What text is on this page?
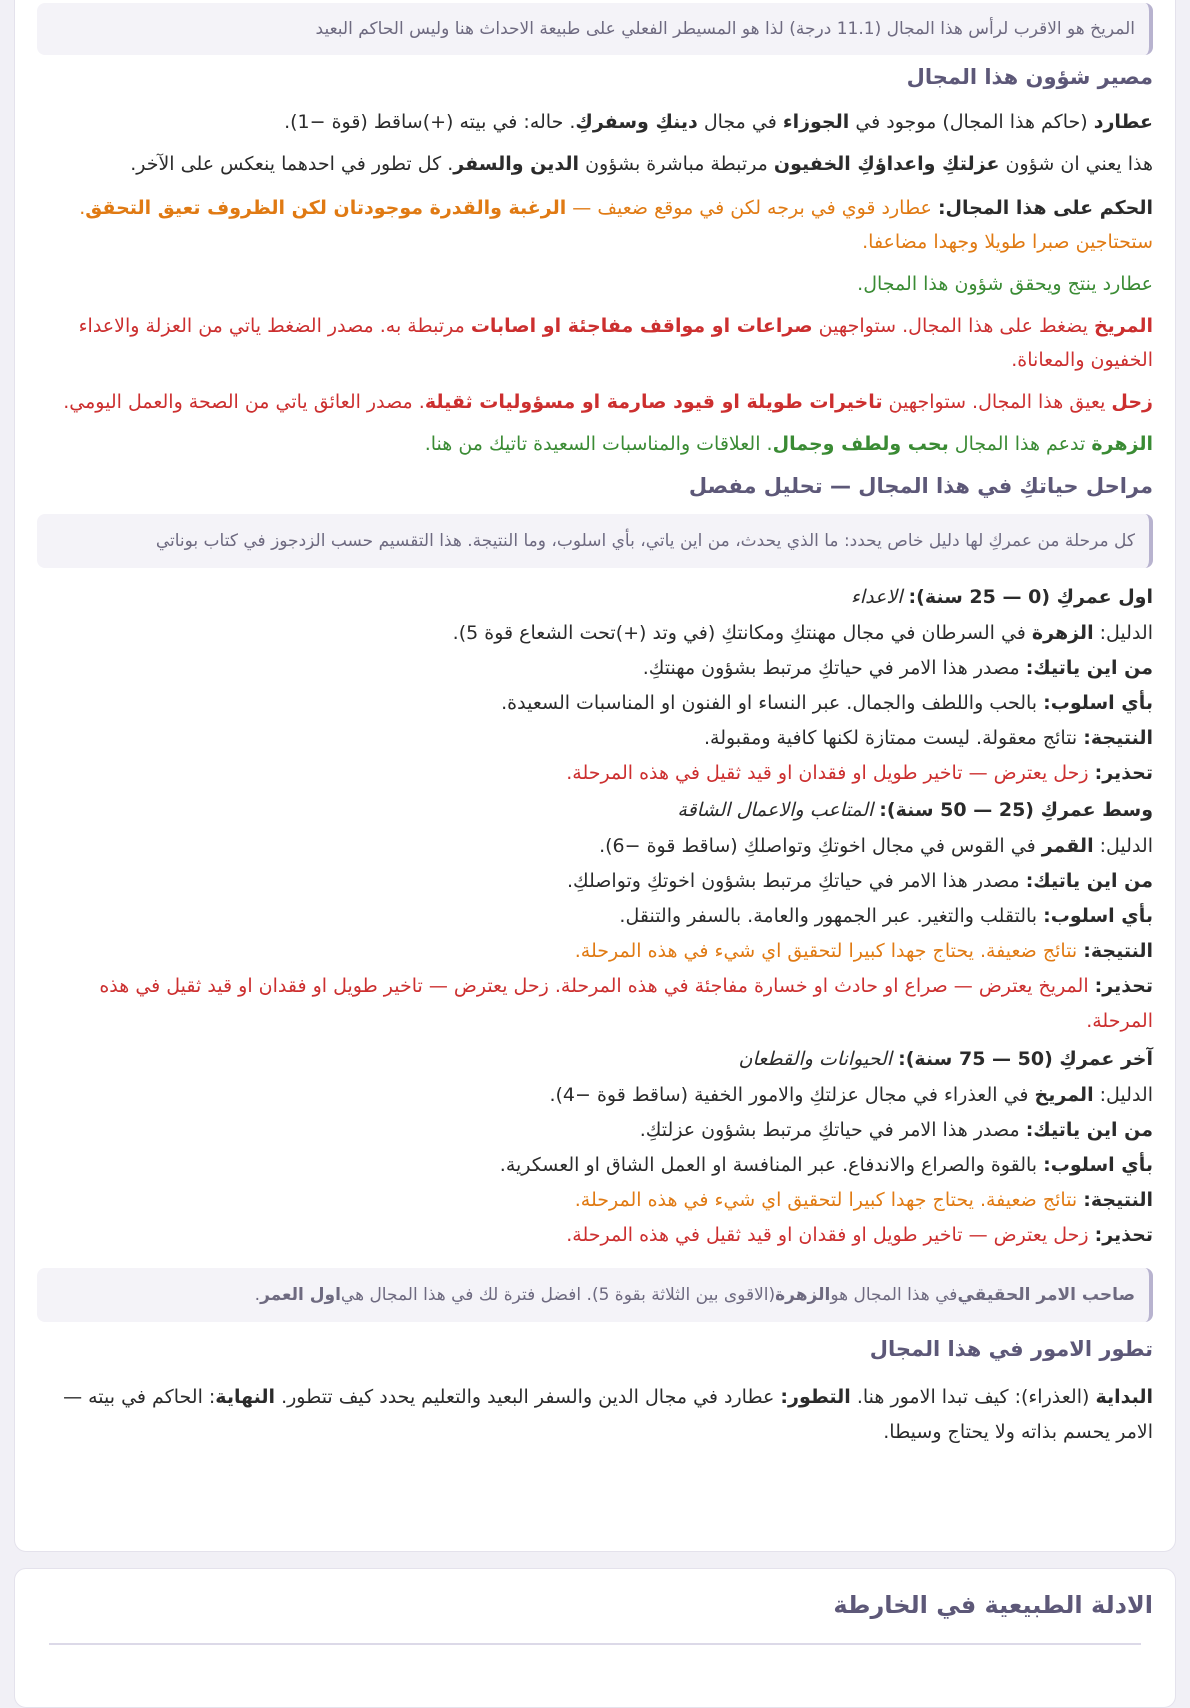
المريخ هو الاقرب لرأس هذا المجال (11.1 درجة) لذا هو المسيطر الفعلي على طبيعة الاحداث هنا وليس الحاكم البعيد
مصير شؤون هذا المجال
عطارد (حاكم هذا المجال) موجود في الجوزاء في مجال دينكِ وسفركِ. حاله: في بيته (+)ساقط (قوة −1).
هذا يعني ان شؤون عزلتكِ واعداؤكِ الخفيون مرتبطة مباشرة بشؤون الدين والسفر. كل تطور في احدهما ينعكس على الآخر.
الحكم على هذا المجال: عطارد قوي في برجه لكن في موقع ضعيف — الرغبة والقدرة موجودتان لكن الظروف تعيق التحقق. ستحتاجين صبرا طويلا وجهدا مضاعفا.
عطارد ينتج ويحقق شؤون هذا المجال.
المريخ يضغط على هذا المجال. ستواجهين صراعات او مواقف مفاجئة او اصابات مرتبطة به. مصدر الضغط ياتي من العزلة والاعداء الخفيون والمعاناة.
زحل يعيق هذا المجال. ستواجهين تاخيرات طويلة او قيود صارمة او مسؤوليات ثقيلة. مصدر العائق ياتي من الصحة والعمل اليومي.
الزهرة تدعم هذا المجال بحب ولطف وجمال. العلاقات والمناسبات السعيدة تاتيك من هنا.
مراحل حياتكِ في هذا المجال — تحليل مفصل
كل مرحلة من عمركِ لها دليل خاص يحدد: ما الذي يحدث، من اين ياتي، بأي اسلوب، وما النتيجة. هذا التقسيم حسب الزدجوز في كتاب بوناتي
اول عمركِ (0 — 25 سنة): الاعداء
الدليل: الزهرة في السرطان في مجال مهنتكِ ومكانتكِ (في وتد (+)تحت الشعاع قوة 5).
من اين ياتيك: مصدر هذا الامر في حياتكِ مرتبط بشؤون مهنتكِ.
بأي اسلوب: بالحب واللطف والجمال. عبر النساء او الفنون او المناسبات السعيدة.
النتيجة: نتائج معقولة. ليست ممتازة لكنها كافية ومقبولة.
تحذير: زحل يعترض — تاخير طويل او فقدان او قيد ثقيل في هذه المرحلة.
وسط عمركِ (25 — 50 سنة): المتاعب والاعمال الشاقة
الدليل: القمر في القوس في مجال اخوتكِ وتواصلكِ (ساقط قوة −6).
من اين ياتيك: مصدر هذا الامر في حياتكِ مرتبط بشؤون اخوتكِ وتواصلكِ.
بأي اسلوب: بالتقلب والتغير. عبر الجمهور والعامة. بالسفر والتنقل.
النتيجة: نتائج ضعيفة. يحتاج جهدا كبيرا لتحقيق اي شيء في هذه المرحلة.
تحذير: المريخ يعترض — صراع او حادث او خسارة مفاجئة في هذه المرحلة. زحل يعترض — تاخير طويل او فقدان او قيد ثقيل في هذه
المرحلة.
آخر عمركِ (50 — 75 سنة): الحيوانات والقطعان
الدليل: المريخ في العذراء في مجال عزلتكِ والامور الخفية (ساقط قوة −4).
من اين ياتيك: مصدر هذا الامر في حياتكِ مرتبط بشؤون عزلتكِ.
بأي اسلوب: بالقوة والصراع والاندفاع. عبر المنافسة او العمل الشاق او العسكرية.
النتيجة: نتائج ضعيفة. يحتاج جهدا كبيرا لتحقيق اي شيء في هذه المرحلة.
تحذير: زحل يعترض — تاخير طويل او فقدان او قيد ثقيل في هذه المرحلة.
صاحب الامر الحقيقي
في هذا المجال هو
الزهرة
(الاقوى بين الثلاثة بقوة 5). افضل فترة لك في هذا المجال هي
اول العمر
.
تطور الامور في هذا المجال
البداية (العذراء): كيف تبدا الامور هنا. التطور: عطارد في مجال الدين والسفر البعيد والتعليم يحدد كيف تتطور. النهاية: الحاكم في بيته —
الامر يحسم بذاته ولا يحتاج وسيطا.
الادلة الطبيعية في الخارطة
